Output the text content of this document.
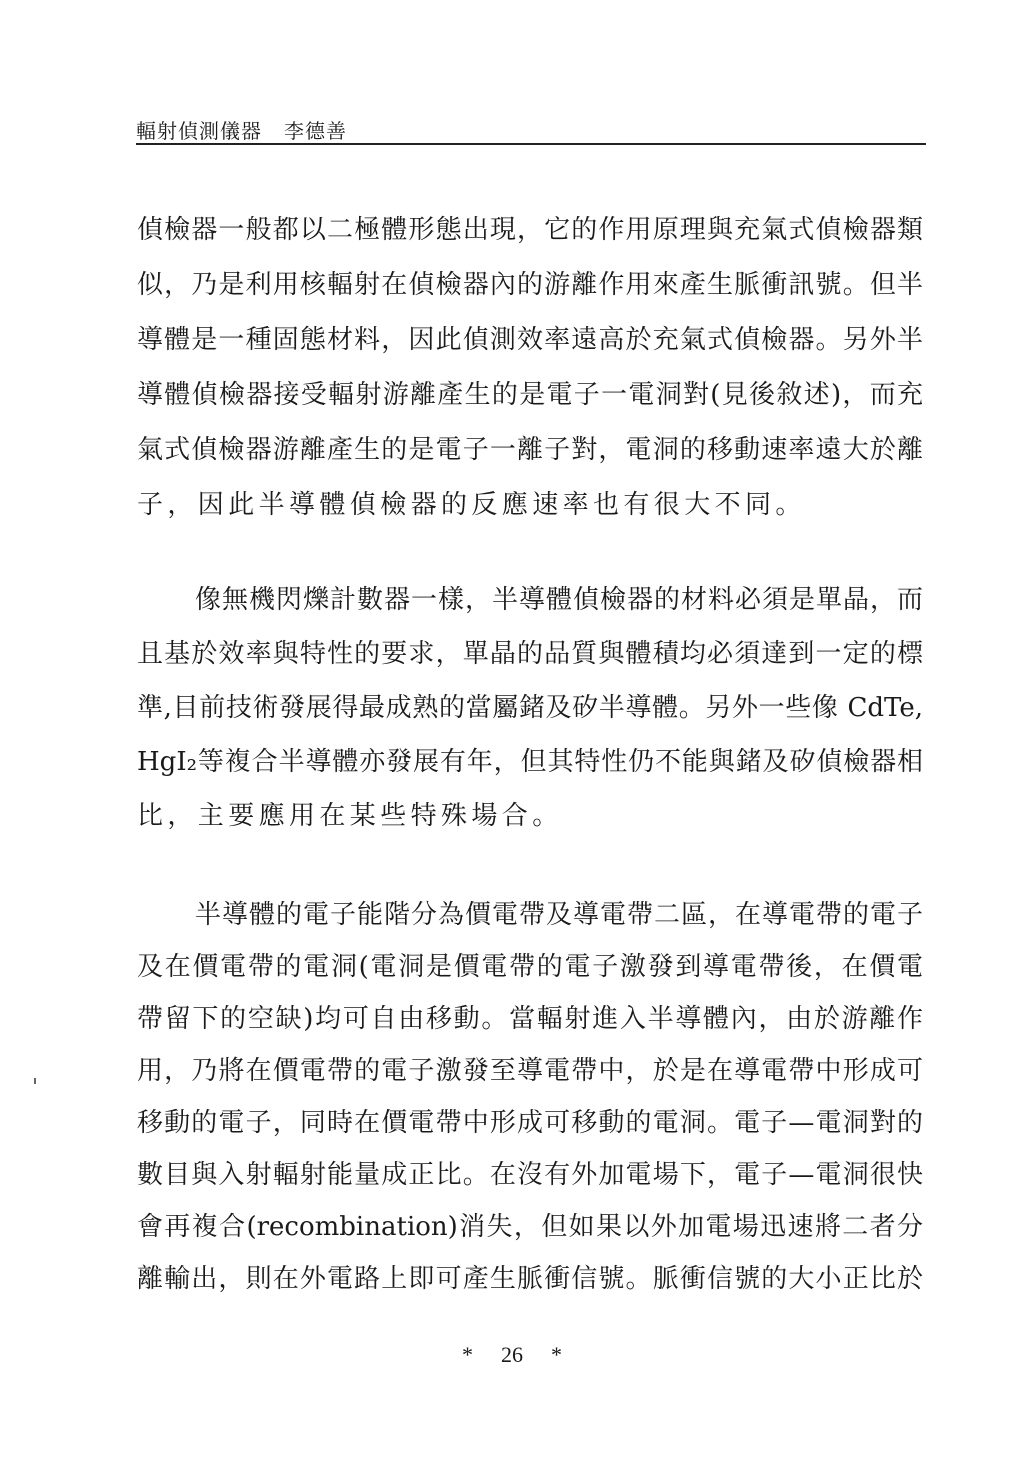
輻射偵測儀器 李德善
偵檢器一般都以二極體形態出現，它的作用原理與充氣式偵檢器類
似，乃是利用核輻射在偵檢器內的游離作用來產生脈衝訊號。但半
導體是一種固態材料，因此偵測效率遠高於充氣式偵檢器。另外半
導體偵檢器接受輻射游離產生的是電子一電洞對(見後敘述)，而充
氣式偵檢器游離產生的是電子一離子對，電洞的移動速率遠大於離
子，因此半導體偵檢器的反應速率也有很大不同。
像無機閃爍計數器一樣，半導體偵檢器的材料必須是單晶，而
且基於效率與特性的要求，單晶的品質與體積均必須達到一定的標
準,目前技術發展得最成熟的當屬鍺及矽半導體。另外一些像 CdTe,
HgI₂等複合半導體亦發展有年，但其特性仍不能與鍺及矽偵檢器相
比，主要應用在某些特殊場合。
半導體的電子能階分為價電帶及導電帶二區，在導電帶的電子
及在價電帶的電洞(電洞是價電帶的電子激發到導電帶後，在價電
帶留下的空缺)均可自由移動。當輻射進入半導體內，由於游離作
用，乃將在價電帶的電子激發至導電帶中，於是在導電帶中形成可
移動的電子，同時在價電帶中形成可移動的電洞。電子—電洞對的
數目與入射輻射能量成正比。在沒有外加電場下，電子—電洞很快
會再複合(recombination)消失，但如果以外加電場迅速將二者分
離輸出，則在外電路上即可產生脈衝信號。脈衝信號的大小正比於
* 26 *
